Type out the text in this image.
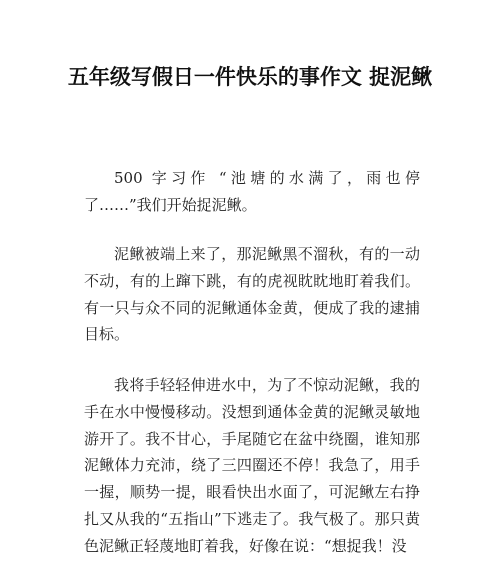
五年级写假日一件快乐的事作文 捉泥鳅

500 字习作 “池塘的水满了，雨也停了……”我们开始捉泥鳅。

泥鳅被端上来了，那泥鳅黑不溜秋，有的一动不动，有的上蹿下跳，有的虎视眈眈地盯着我们。有一只与众不同的泥鳅通体金黄，便成了我的逮捕目标。

我将手轻轻伸进水中，为了不惊动泥鳅，我的手在水中慢慢移动。没想到通体金黄的泥鳅灵敏地游开了。我不甘心，手尾随它在盆中绕圈，谁知那泥鳅体力充沛，绕了三四圈还不停！我急了，用手一握，顺势一提，眼看快出水面了，可泥鳅左右挣扎又从我的“五指山”下逃走了。我气极了。那只黄色泥鳅正轻蔑地盯着我，好像在说：“想捉我！没
